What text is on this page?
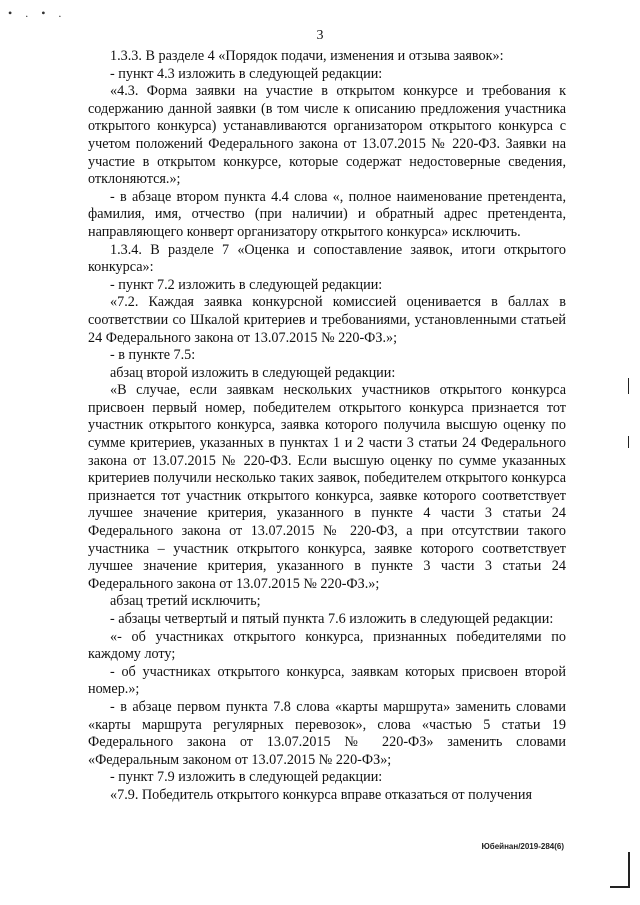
• . • .
3

1.3.3. В разделе 4 «Порядок подачи, изменения и отзыва заявок»:

- пункт 4.3 изложить в следующей редакции:

«4.3. Форма заявки на участие в открытом конкурсе и требования к содержанию данной заявки (в том числе к описанию предложения участника открытого конкурса) устанавливаются организатором открытого конкурса с учетом положений Федерального закона от 13.07.2015 № 220-ФЗ. Заявки на участие в открытом конкурсе, которые содержат недостоверные сведения, отклоняются.»;

- в абзаце втором пункта 4.4 слова «, полное наименование претендента, фамилия, имя, отчество (при наличии) и обратный адрес претендента, направляющего конверт организатору открытого конкурса» исключить.

1.3.4. В разделе 7 «Оценка и сопоставление заявок, итоги открытого конкурса»:

- пункт 7.2 изложить в следующей редакции:

«7.2. Каждая заявка конкурсной комиссией оценивается в баллах в соответствии со Шкалой критериев и требованиями, установленными статьей 24 Федерального закона от 13.07.2015 № 220-ФЗ.»;

- в пункте 7.5:

абзац второй изложить в следующей редакции:

«В случае, если заявкам нескольких участников открытого конкурса присвоен первый номер, победителем открытого конкурса признается тот участник открытого конкурса, заявка которого получила высшую оценку по сумме критериев, указанных в пунктах 1 и 2 части 3 статьи 24 Федерального закона от 13.07.2015 № 220-ФЗ. Если высшую оценку по сумме указанных критериев получили несколько таких заявок, победителем открытого конкурса признается тот участник открытого конкурса, заявке которого соответствует лучшее значение критерия, указанного в пункте 4 части 3 статьи 24 Федерального закона от 13.07.2015 № 220-ФЗ, а при отсутствии такого участника – участник открытого конкурса, заявке которого соответствует лучшее значение критерия, указанного в пункте 3 части 3 статьи 24 Федерального закона от 13.07.2015 № 220-ФЗ.»;

абзац третий исключить;

- абзацы четвертый и пятый пункта 7.6 изложить в следующей редакции:

«- об участниках открытого конкурса, признанных победителями по каждому лоту;

- об участниках открытого конкурса, заявкам которых присвоен второй номер.»;

- в абзаце первом пункта 7.8 слова «карты маршрута» заменить словами «карты маршрута регулярных перевозок», слова «частью 5 статьи 19 Федерального закона от 13.07.2015 № 220-ФЗ» заменить словами «Федеральным законом от 13.07.2015 № 220-ФЗ»;

- пункт 7.9 изложить в следующей редакции:

«7.9. Победитель открытого конкурса вправе отказаться от получения

Юбейнан/2019-284(6)
